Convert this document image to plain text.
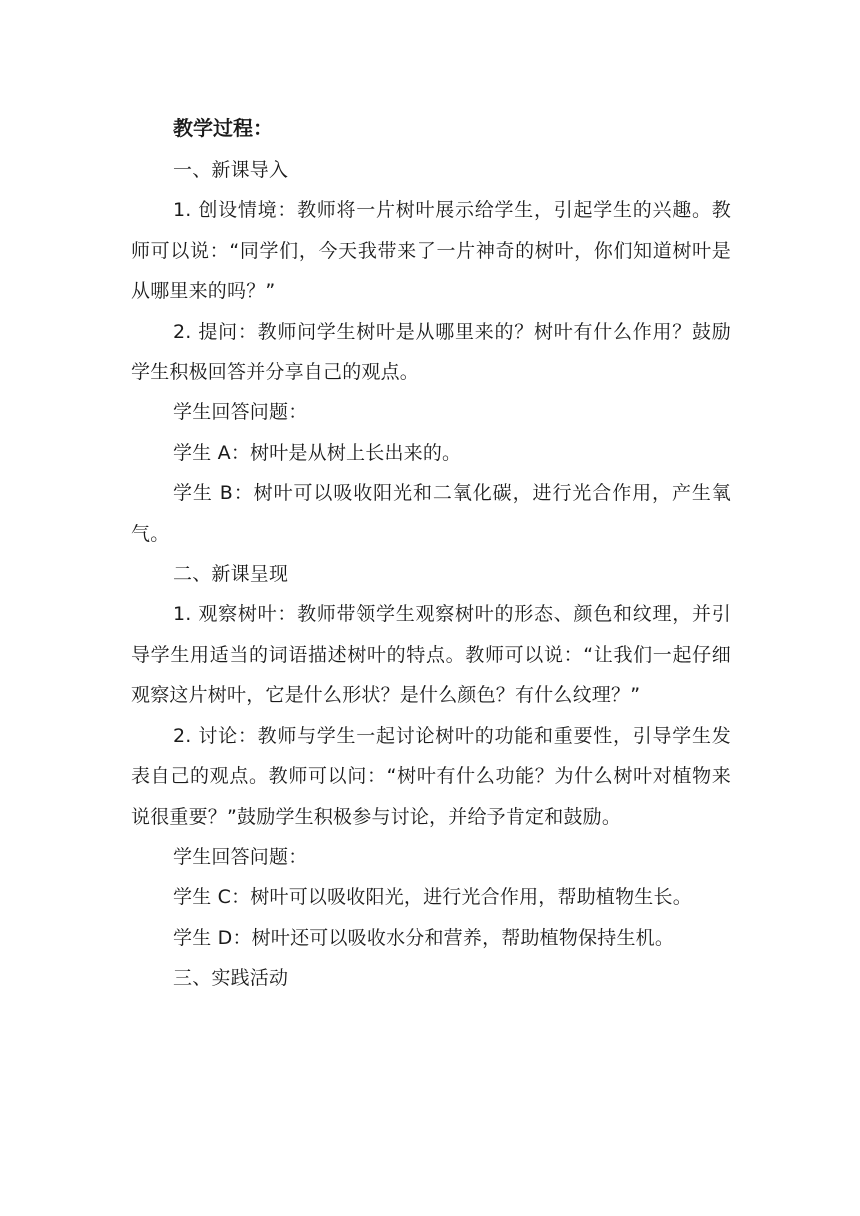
教学过程：

一、新课导入

1. 创设情境：教师将一片树叶展示给学生，引起学生的兴趣。教师可以说：“同学们，今天我带来了一片神奇的树叶，你们知道树叶是从哪里来的吗？”

2. 提问：教师问学生树叶是从哪里来的？树叶有什么作用？鼓励学生积极回答并分享自己的观点。

学生回答问题：

学生 A：树叶是从树上长出来的。

学生 B：树叶可以吸收阳光和二氧化碳，进行光合作用，产生氧气。

二、新课呈现

1. 观察树叶：教师带领学生观察树叶的形态、颜色和纹理，并引导学生用适当的词语描述树叶的特点。教师可以说：“让我们一起仔细观察这片树叶，它是什么形状？是什么颜色？有什么纹理？”

2. 讨论：教师与学生一起讨论树叶的功能和重要性，引导学生发表自己的观点。教师可以问：“树叶有什么功能？为什么树叶对植物来说很重要？”鼓励学生积极参与讨论，并给予肯定和鼓励。

学生回答问题：

学生 C：树叶可以吸收阳光，进行光合作用，帮助植物生长。

学生 D：树叶还可以吸收水分和营养，帮助植物保持生机。

三、实践活动
